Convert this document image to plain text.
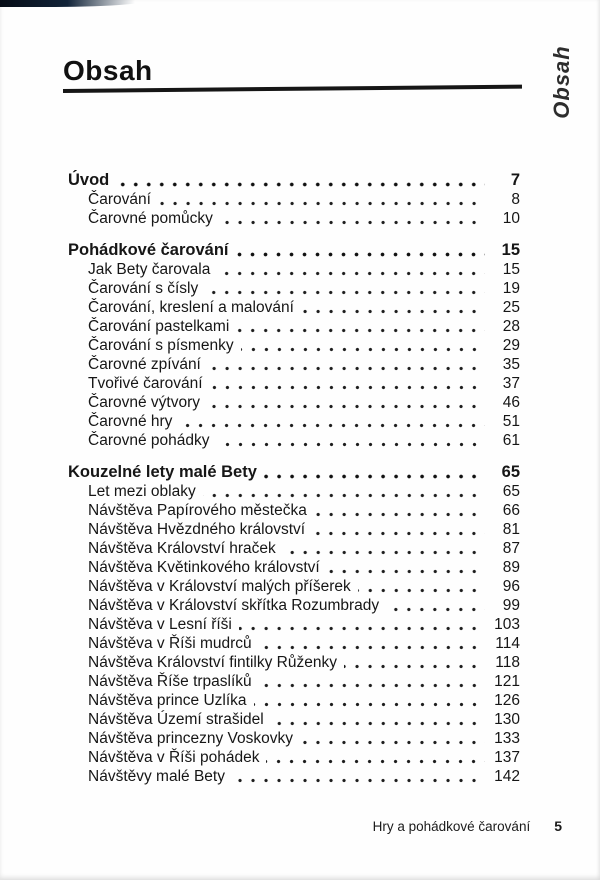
Obsah	Obsah
Úvod	7
Čarování	8
Čarovné pomůcky	10
Pohádkové čarování	15
Jak Bety čarovala	15
Čarování s čísly	19
Čarování, kreslení a malování	25
Čarování pastelkami	28
Čarování s písmenky	29
Čarovné zpívání	35
Tvořivé čarování	37
Čarovné výtvory	46
Čarovné hry	51
Čarovné pohádky	61
Kouzelné lety malé Bety	65
Let mezi oblaky	65
Návštěva Papírového městečka	66
Návštěva Hvězdného království	81
Návštěva Království hraček	87
Návštěva Květinkového království	89
Návštěva v Království malých příšerek	96
Návštěva v Království skřítka Rozumbrady	99
Návštěva v Lesní říši	103
Návštěva v Říši mudrců	114
Návštěva Království fintilky Růženky	118
Návštěva Říše trpaslíků	121
Návštěva prince Uzlíka	126
Návštěva Území strašidel	130
Návštěva princezny Voskovky	133
Návštěva v Říši pohádek	137
Návštěvy malé Bety	142
Hry a pohádkové čarování 5
